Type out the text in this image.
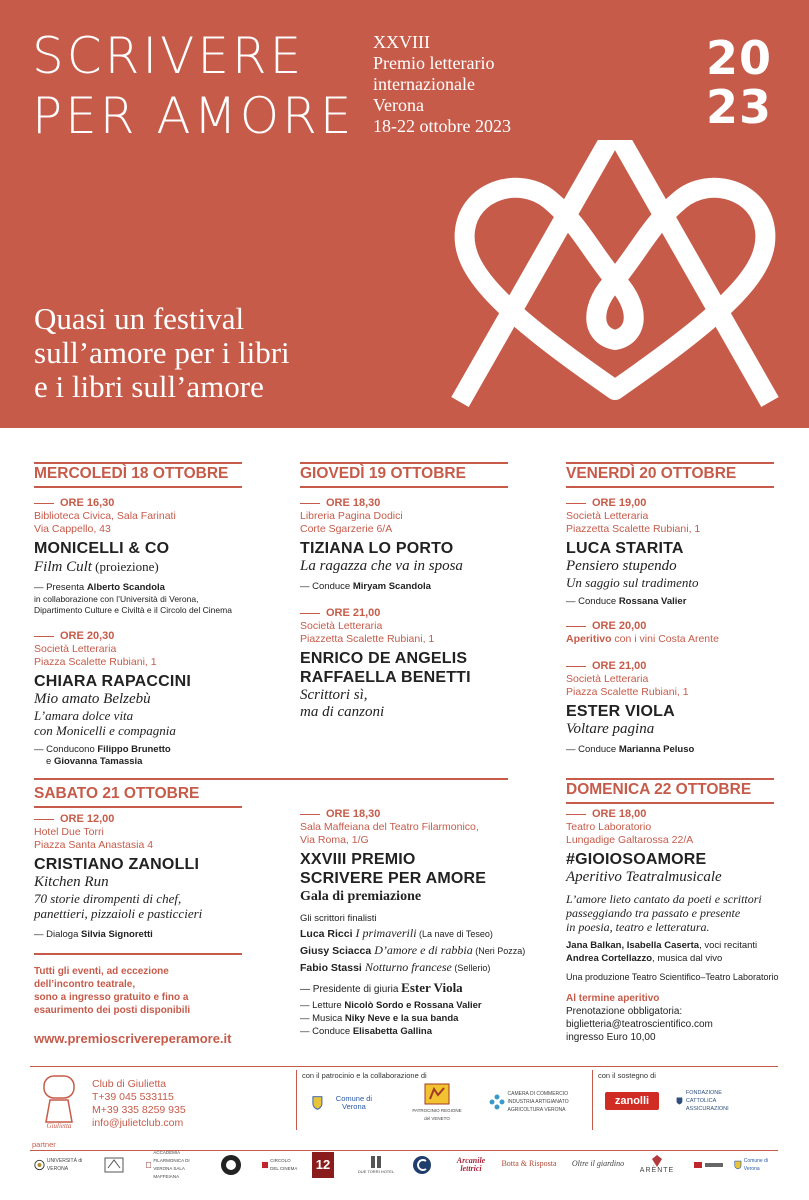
SCRIVERE
PER AMORE
XXVIII
Premio letterario
internazionale
Verona
18-22 ottobre 2023
20
23
Quasi un festival
sull’amore per i libri
e i libri sull’amore
MERCOLEDÌ 18 OTTOBRE
ORE 16,30
Biblioteca Civica, Sala Farinati
Via Cappello, 43
MONICELLI & CO
Film Cult (proiezione)
— Presenta Alberto Scandola
in collaborazione con l’Università di Verona,
Dipartimento Culture e Civiltà e il Circolo del Cinema
ORE 20,30
Società Letteraria
Piazza Scalette Rubiani, 1
CHIARA RAPACCINI
Mio amato Belzebù
L’amara dolce vita
con Monicelli e compagnia
— Conducono Filippo Brunetto
e Giovanna Tamassia
SABATO 21 OTTOBRE
ORE 12,00
Hotel Due Torri
Piazza Santa Anastasia 4
CRISTIANO ZANOLLI
Kitchen Run
70 storie dirompenti di chef,
panettieri, pizzaioli e pasticcieri
— Dialoga Silvia Signoretti
Tutti gli eventi, ad eccezione
dell’incontro teatrale,
sono a ingresso gratuito e fino a
esaurimento dei posti disponibili
www.premioscrivereperamore.it
GIOVEDÌ 19 OTTOBRE
ORE 18,30
Libreria Pagina Dodici
Corte Sgarzerie 6/A
TIZIANA LO PORTO
La ragazza che va in sposa
— Conduce Miryam Scandola
ORE 21,00
Società Letteraria
Piazzetta Scalette Rubiani, 1
ENRICO DE ANGELIS
RAFFAELLA BENETTI
Scrittori sì,
ma di canzoni
ORE 18,30
Sala Maffeiana del Teatro Filarmonico,
Via Roma, 1/G
XXVIII PREMIO
SCRIVERE PER AMORE
Gala di premiazione
Gli scrittori finalisti
Luca Ricci I primaverili (La nave di Teseo)
Giusy Sciacca D’amore e di rabbia (Neri Pozza)
Fabio Stassi Notturno francese (Sellerio)
— Presidente di giuria Ester Viola
— Letture Nicolò Sordo e Rossana Valier
— Musica Niky Neve e la sua banda
— Conduce Elisabetta Gallina
VENERDÌ 20 OTTOBRE
ORE 19,00
Società Letteraria
Piazzetta Scalette Rubiani, 1
LUCA STARITA
Pensiero stupendo
Un saggio sul tradimento
— Conduce Rossana Valier
ORE 20,00
Aperitivo con i vini Costa Arente
ORE 21,00
Società Letteraria
Piazza Scalette Rubiani, 1
ESTER VIOLA
Voltare pagina
— Conduce Marianna Peluso
DOMENICA 22 OTTOBRE
ORE 18,00
Teatro Laboratorio
Lungadige Galtarossa 22/A
#GIOIOSOAMORE
Aperitivo Teatralmusicale
L’amore lieto cantato da poeti e scrittori
passeggiando tra passato e presente
in poesia, teatro e letteratura.
Jana Balkan, Isabella Caserta, voci recitanti
Andrea Cortellazzo, musica dal vivo
Una produzione Teatro Scientifico–Teatro Laboratorio
Al termine aperitivo
Prenotazione obbligatoria:
biglietteria@teatroscientifico.com
ingresso Euro 10,00
Giulietta
Club di Giulietta
T+39 045 533115
M+39 335 8259 935
info@julietclub.com
con il patrocinio e la collaborazione di	con il sostegno di
Comune di Verona	PATROCINIO REGIONE del VENETO
CAMERA DI COMMERCIO INDUSTRIA ARTIGIANATO AGRICOLTURA VERONA
zanolli
FONDAZIONE CATTOLICA ASSICURAZIONI
partner
UNIVERSITÀ di VERONA
ACCADEMIA FILARMONICA DI VERONA SALA MAFFEIANA
CIRCOLO DEL CINEMA 12	DUE TORRI HOTEL
Arcanile lettrici
Botta & Risposta Oltre il giardino
ARÈNTE
Comune di Verona
